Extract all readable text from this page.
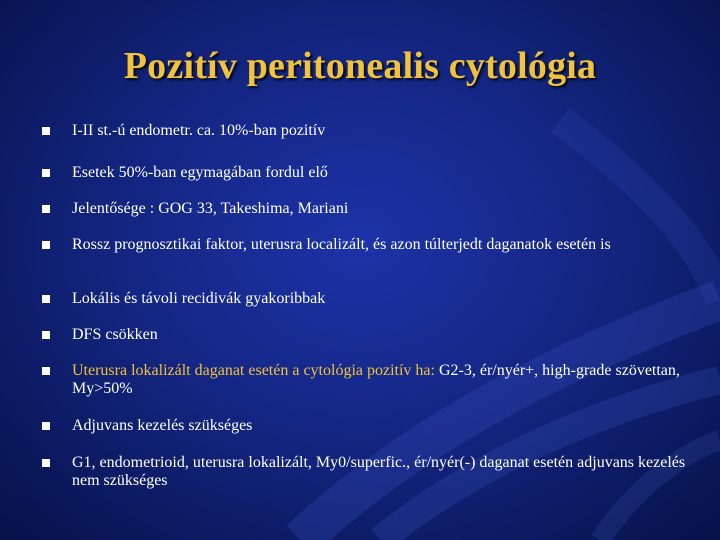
Pozitív peritonealis cytológia
I-II st.-ú endometr. ca. 10%-ban pozitív
Esetek 50%-ban egymagában fordul elő
Jelentősége : GOG 33, Takeshima, Mariani
Rossz prognosztikai faktor, uterusra localizált, és azon túlterjedt daganatok esetén is
Lokális és távoli recidivák gyakoribbak
DFS csökken
Uterusra lokalizált daganat esetén a cytológia pozitív ha: G2-3, ér/nyér+, high-grade szövettan, My>50%
Adjuvans kezelés szükséges
G1, endometrioid, uterusra lokalizált, My0/superfic., ér/nyér(-) daganat esetén adjuvans kezelés nem szükséges
